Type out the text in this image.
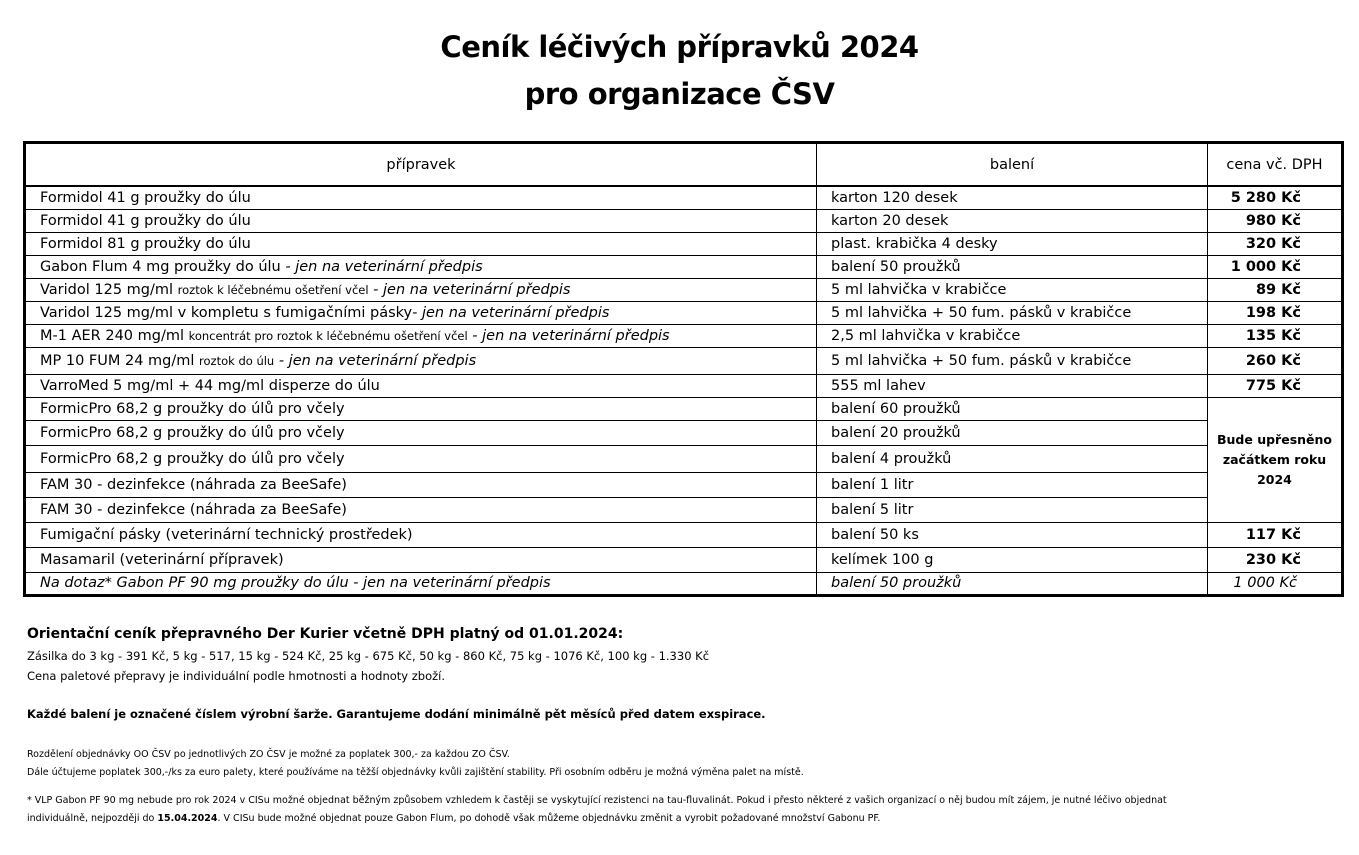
Ceník léčivých přípravků 2024
pro organizace ČSV
přípravek	balení	cena vč. DPH
Formidol 41 g proužky do úlu	karton 120 desek	5 280 Kč
Formidol 41 g proužky do úlu	karton 20 desek	980 Kč
Formidol 81 g proužky do úlu	plast. krabička 4 desky	320 Kč
Gabon Flum 4 mg proužky do úlu - jen na veterinární předpis	balení 50 proužků	1 000 Kč
Varidol 125 mg/ml roztok k léčebnému ošetření včel - jen na veterinární předpis	5 ml lahvička v krabičce	89 Kč
Varidol 125 mg/ml v kompletu s fumigačními pásky- jen na veterinární předpis	5 ml lahvička + 50 fum. pásků v krabičce	198 Kč
M-1 AER 240 mg/ml koncentrát pro roztok k léčebnému ošetření včel - jen na veterinární předpis	2,5 ml lahvička v krabičce	135 Kč
MP 10 FUM 24 mg/ml roztok do úlu - jen na veterinární předpis	5 ml lahvička + 50 fum. pásků v krabičce	260 Kč
VarroMed 5 mg/ml + 44 mg/ml disperze do úlu	555 ml lahev	775 Kč
FormicPro 68,2 g proužky do úlů pro včely	balení 60 proužků	Bude upřesněno začátkem roku 2024
FormicPro 68,2 g proužky do úlů pro včely	balení 20 proužků	
FormicPro 68,2 g proužky do úlů pro včely	balení 4 proužků	
FAM 30 - dezinfekce (náhrada za BeeSafe)	balení 1 litr	
FAM 30 - dezinfekce (náhrada za BeeSafe)	balení 5 litr	
Fumigační pásky (veterinární technický prostředek)	balení 50 ks	117 Kč
Masamaril (veterinární přípravek)	kelímek 100 g	230 Kč
Na dotaz* Gabon PF 90 mg proužky do úlu - jen na veterinární předpis	balení 50 proužků	1 000 Kč
Orientační ceník přepravného Der Kurier včetně DPH platný od 01.01.2024:
Zásilka do 3 kg - 391 Kč, 5 kg - 517, 15 kg - 524 Kč, 25 kg - 675 Kč, 50 kg - 860 Kč, 75 kg - 1076 Kč, 100 kg - 1.330 Kč
Cena paletové přepravy je individuální podle hmotnosti a hodnoty zboží.
Každé balení je označené číslem výrobní šarže. Garantujeme dodání minimálně pět měsíců před datem exspirace.
Rozdělení objednávky OO ČSV po jednotlivých ZO ČSV je možné za poplatek 300,- za každou ZO ČSV.
Dále účtujeme poplatek 300,-/ks za euro palety, které používáme na těžší objednávky kvůli zajištění stability. Při osobním odběru je možná výměna palet na místě.
* VLP Gabon PF 90 mg nebude pro rok 2024 v CISu možné objednat běžným způsobem vzhledem k častěji se vyskytující rezistenci na tau-fluvalinát. Pokud i přesto některé z vašich organizací o něj budou mít zájem, je nutné léčivo objednat
individuálně, nejpozději do 15.04.2024. V CISu bude možné objednat pouze Gabon Flum, po dohodě však můžeme objednávku změnit a vyrobit požadované množství Gabonu PF.
